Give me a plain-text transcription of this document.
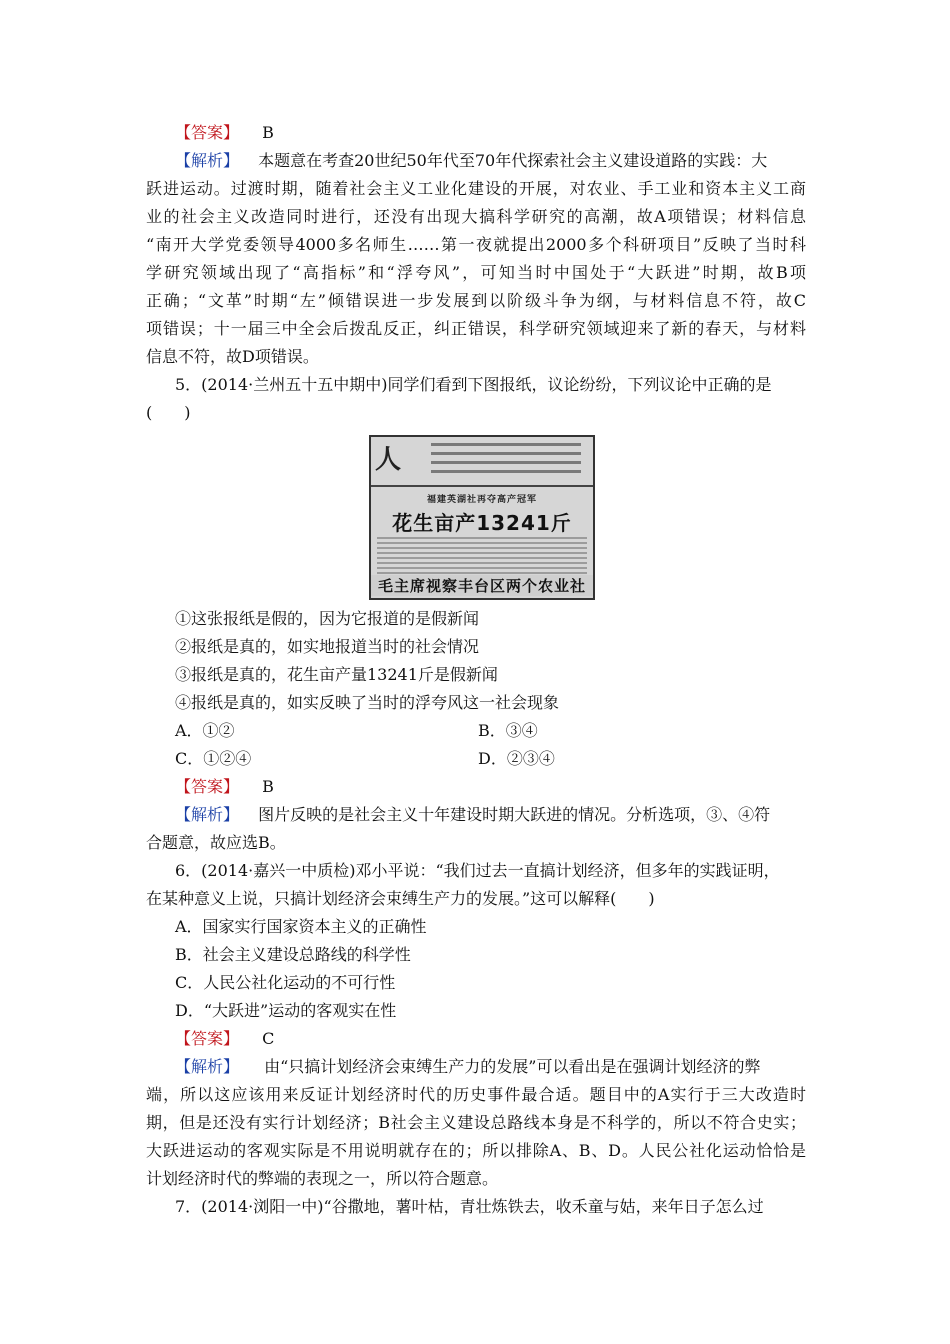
【答案】 B
【解析】 本题意在考查20世纪50年代至70年代探索社会主义建设道路的实践：大
跃进运动。过渡时期，随着社会主义工业化建设的开展，对农业、手工业和资本主义工商
业的社会主义改造同时进行，还没有出现大搞科学研究的高潮，故A项错误；材料信息
“南开大学党委领导4000多名师生……第一夜就提出2000多个科研项目”反映了当时科
学研究领域出现了“高指标”和“浮夸风”，可知当时中国处于“大跃进”时期，故B项
正确；“文革”时期“左”倾错误进一步发展到以阶级斗争为纲，与材料信息不符，故C
项错误；十一届三中全会后拨乱反正，纠正错误，科学研究领域迎来了新的春天，与材料
信息不符，故D项错误。
5．(2014·兰州五十五中期中)同学们看到下图报纸，议论纷纷，下列议论中正确的是
(　　)
人
福建英湖社再夺高产冠军
花生亩产13241斤
毛主席视察丰台区两个农业社
①这张报纸是假的，因为它报道的是假新闻
②报纸是真的，如实地报道当时的社会情况
③报纸是真的，花生亩产量13241斤是假新闻
④报纸是真的，如实反映了当时的浮夸风这一社会现象
A．①②	B．③④
C．①②④	D．②③④
【答案】 B
【解析】 图片反映的是社会主义十年建设时期大跃进的情况。分析选项，③、④符
合题意，故应选B。
6．(2014·嘉兴一中质检)邓小平说：“我们过去一直搞计划经济，但多年的实践证明，
在某种意义上说，只搞计划经济会束缚生产力的发展。”这可以解释(　　)
A．国家实行国家资本主义的正确性
B．社会主义建设总路线的科学性
C．人民公社化运动的不可行性
D．“大跃进”运动的客观实在性
【答案】 C
【解析】 由“只搞计划经济会束缚生产力的发展”可以看出是在强调计划经济的弊
端，所以这应该用来反证计划经济时代的历史事件最合适。题目中的A实行于三大改造时
期，但是还没有实行计划经济；B社会主义建设总路线本身是不科学的，所以不符合史实；
大跃进运动的客观实际是不用说明就存在的；所以排除A、B、D。人民公社化运动恰恰是
计划经济时代的弊端的表现之一，所以符合题意。
7．(2014·浏阳一中)“谷撒地，薯叶枯，青壮炼铁去，收禾童与姑，来年日子怎么过
